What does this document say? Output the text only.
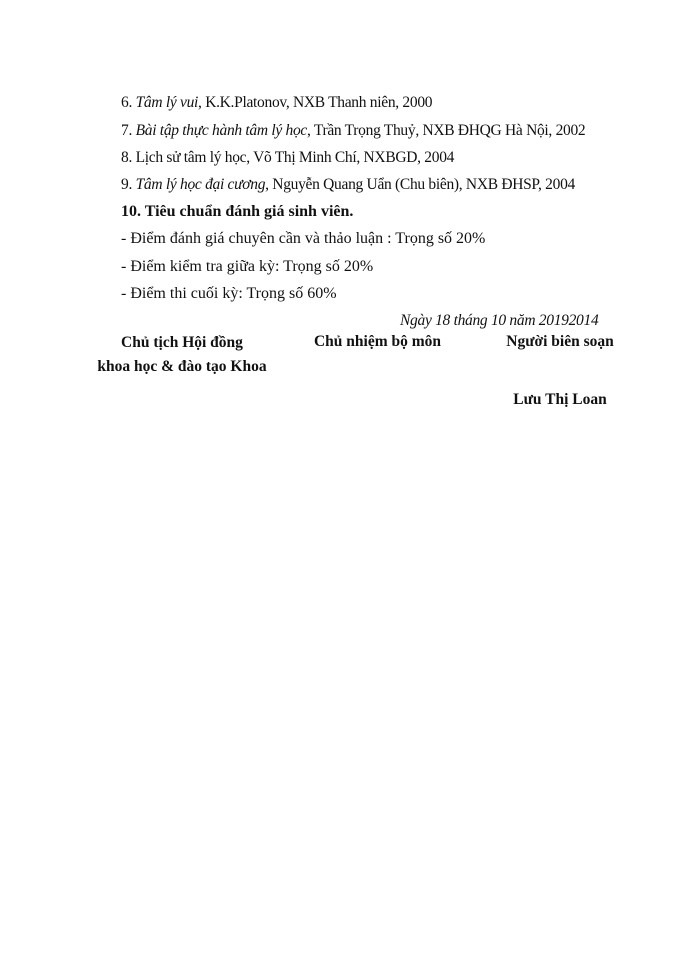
6. Tâm lý vui, K.K.Platonov, NXB Thanh niên, 2000
7. Bài tập thực hành tâm lý học, Trần Trọng Thuỷ, NXB ĐHQG Hà Nội, 2002
8. Lịch sử tâm lý học, Võ Thị Minh Chí, NXBGD, 2004
9. Tâm lý học đại cương, Nguyễn Quang Uẩn (Chu biên), NXB ĐHSP, 2004
10. Tiêu chuẩn đánh giá sinh viên.
- Điểm đánh giá chuyên cần và thảo luận : Trọng số 20%
- Điểm kiểm tra giữa kỳ: Trọng số 20%
- Điểm thi cuối kỳ: Trọng số 60%
Ngày 18 tháng 10 năm 20192014
Chủ tịch Hội đồng
khoa học & đào tạo Khoa
Chủ nhiệm bộ môn	Người biên soạn
Lưu Thị Loan
